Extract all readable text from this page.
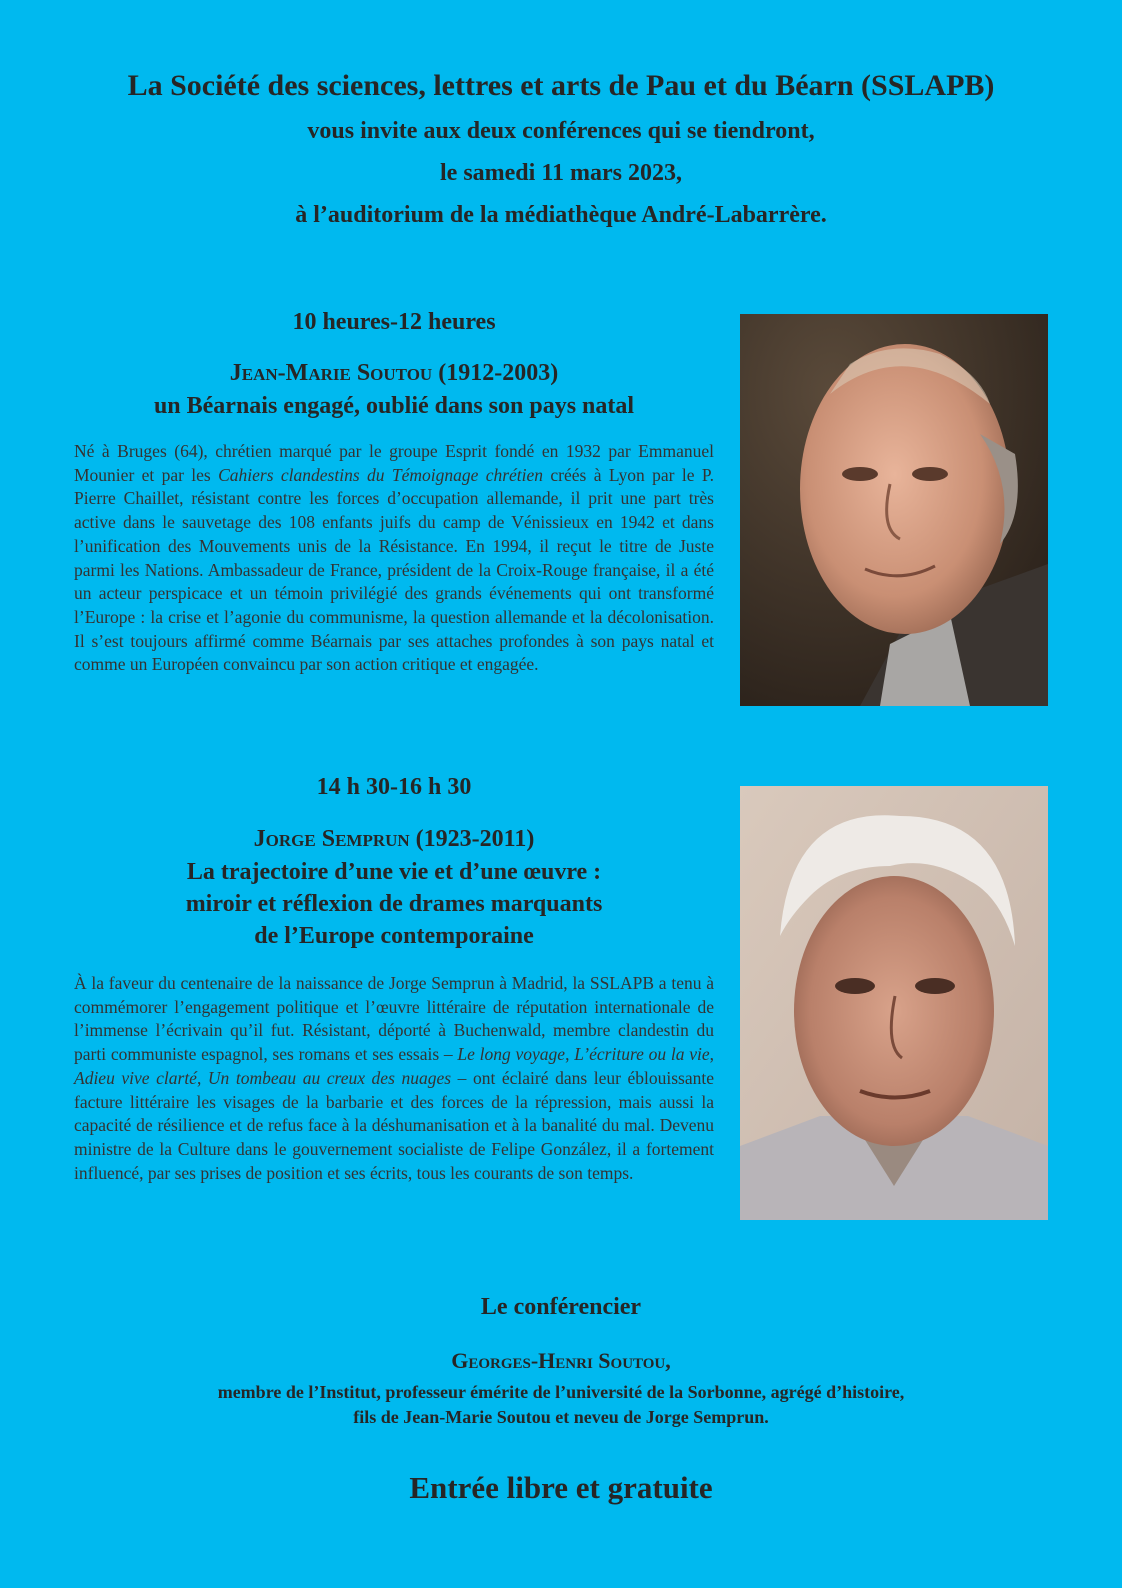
La Société des sciences, lettres et arts de Pau et du Béarn (SSLAPB)
vous invite aux deux conférences qui se tiendront,
le samedi 11 mars 2023,
à l’auditorium de la médiathèque André-Labarrère.
10 heures-12 heures
Jean-Marie Soutou (1912-2003)
un Béarnais engagé, oublié dans son pays natal
Né à Bruges (64), chrétien marqué par le groupe Esprit fondé en 1932 par Emmanuel Mounier et par les Cahiers clandestins du Témoignage chrétien créés à Lyon par le P. Pierre Chaillet, résistant contre les forces d’occupation allemande, il prit une part très active dans le sauvetage des 108 enfants juifs du camp de Vénissieux en 1942 et dans l’unification des Mouvements unis de la Résistance. En 1994, il reçut le titre de Juste parmi les Nations. Ambassadeur de France, président de la Croix-Rouge française, il a été un acteur perspicace et un témoin privilégié des grands événements qui ont transformé l’Europe : la crise et l’agonie du communisme, la question allemande et la décolonisation. Il s’est toujours affirmé comme Béarnais par ses attaches profondes à son pays natal et comme un Européen convaincu par son action critique et engagée.
14 h 30-16 h 30
Jorge Semprun (1923-2011)
La trajectoire d’une vie et d’une œuvre :
miroir et réflexion de drames marquants
de l’Europe contemporaine
À la faveur du centenaire de la naissance de Jorge Semprun à Madrid, la SSLAPB a tenu à commémorer l’engagement politique et l’œuvre littéraire de réputation internationale de l’immense l’écrivain qu’il fut. Résistant, déporté à Buchenwald, membre clandestin du parti communiste espagnol, ses romans et ses essais – Le long voyage, L’écriture ou la vie, Adieu vive clarté, Un tombeau au creux des nuages – ont éclairé dans leur éblouissante facture littéraire les visages de la barbarie et des forces de la répression, mais aussi la capacité de résilience et de refus face à la déshumanisation et à la banalité du mal. Devenu ministre de la Culture dans le gouvernement socialiste de Felipe González, il a fortement influencé, par ses prises de position et ses écrits, tous les courants de son temps.
Le conférencier
Georges-Henri Soutou,
membre de l’Institut, professeur émérite de l’université de la Sorbonne, agrégé d’histoire,
fils de Jean-Marie Soutou et neveu de Jorge Semprun.
Entrée libre et gratuite
